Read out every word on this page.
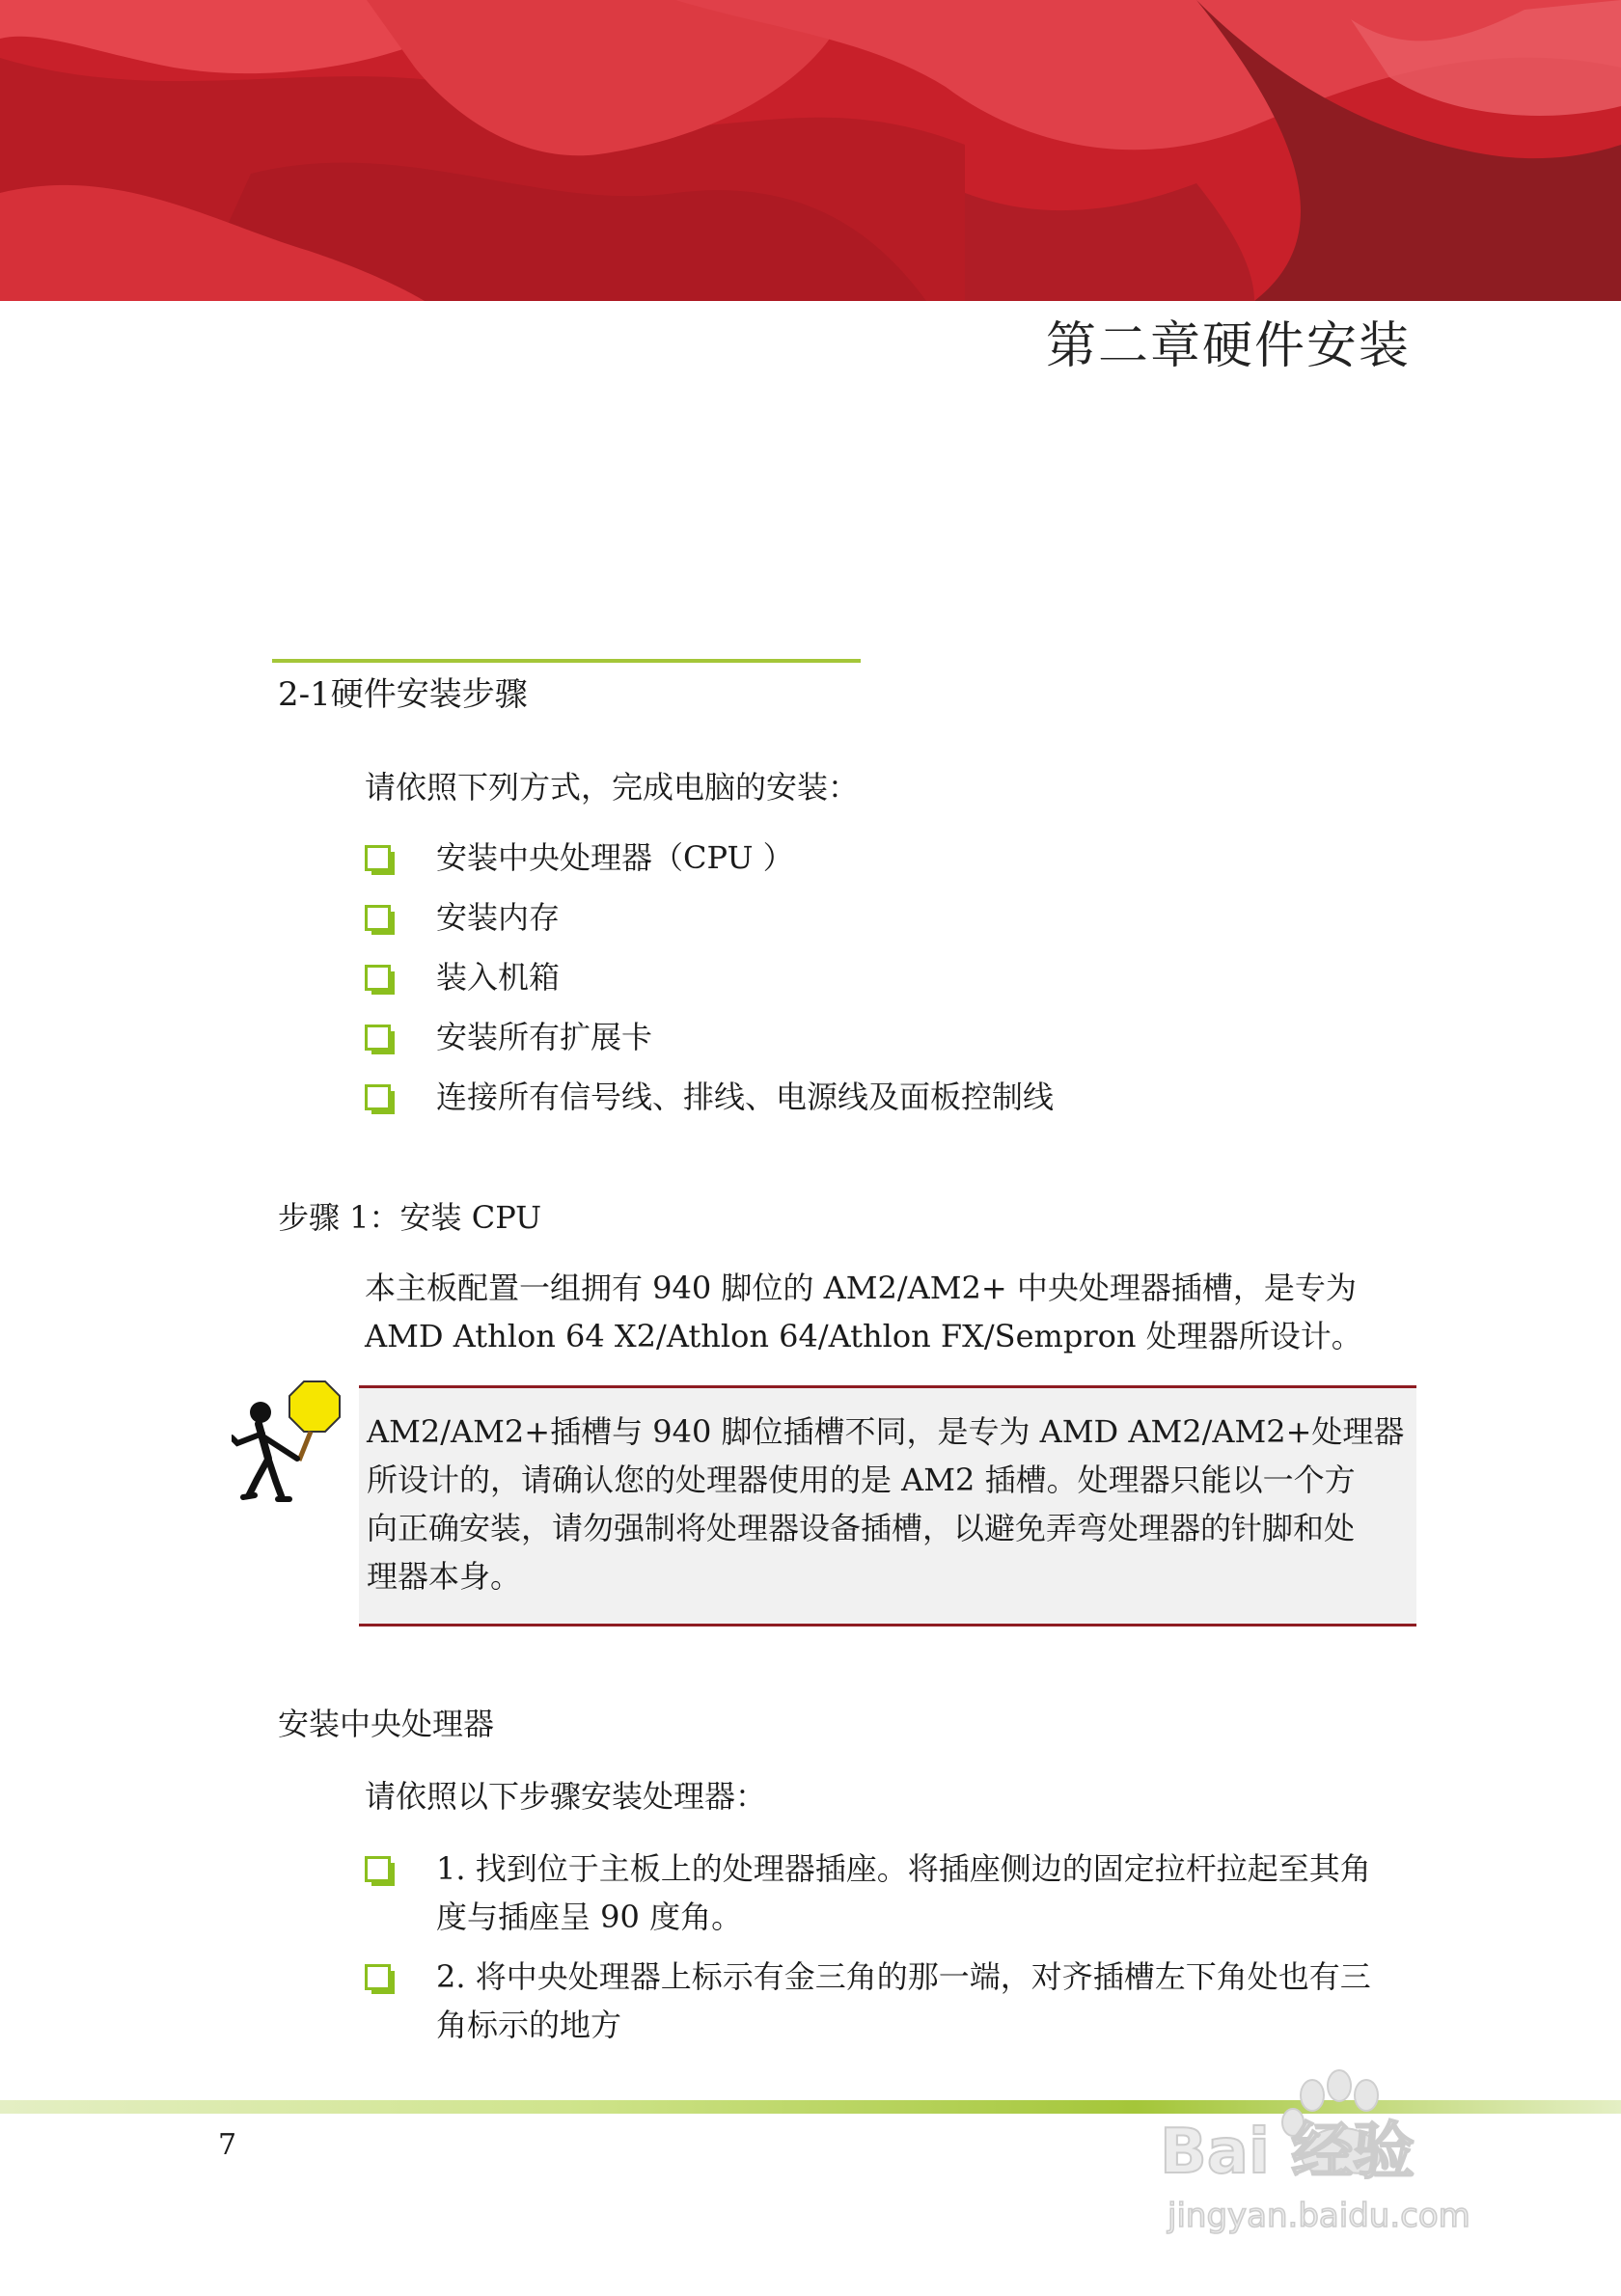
第二章硬件安装
2-1硬件安装步骤
请依照下列方式，完成电脑的安装：
安装中央处理器（CPU ）
安装内存
装入机箱
安装所有扩展卡
连接所有信号线、排线、电源线及面板控制线
步骤 1：安装 CPU
本主板配置一组拥有 940 脚位的 AM2/AM2+ 中央处理器插槽，是专为
AMD Athlon 64 X2/Athlon 64/Athlon FX/Sempron 处理器所设计。
AM2/AM2+插槽与 940 脚位插槽不同，是专为 AMD AM2/AM2+处理器
所设计的，请确认您的处理器使用的是 AM2 插槽。处理器只能以一个方
向正确安装，请勿强制将处理器设备插槽，以避免弄弯处理器的针脚和处
理器本身。
安装中央处理器
请依照以下步骤安装处理器：
1. 找到位于主板上的处理器插座。将插座侧边的固定拉杆拉起至其角
度与插座呈 90 度角。
2. 将中央处理器上标示有金三角的那一端，对齐插槽左下角处也有三
角标示的地方
7	Bai 经验
jingyan.baidu.com
